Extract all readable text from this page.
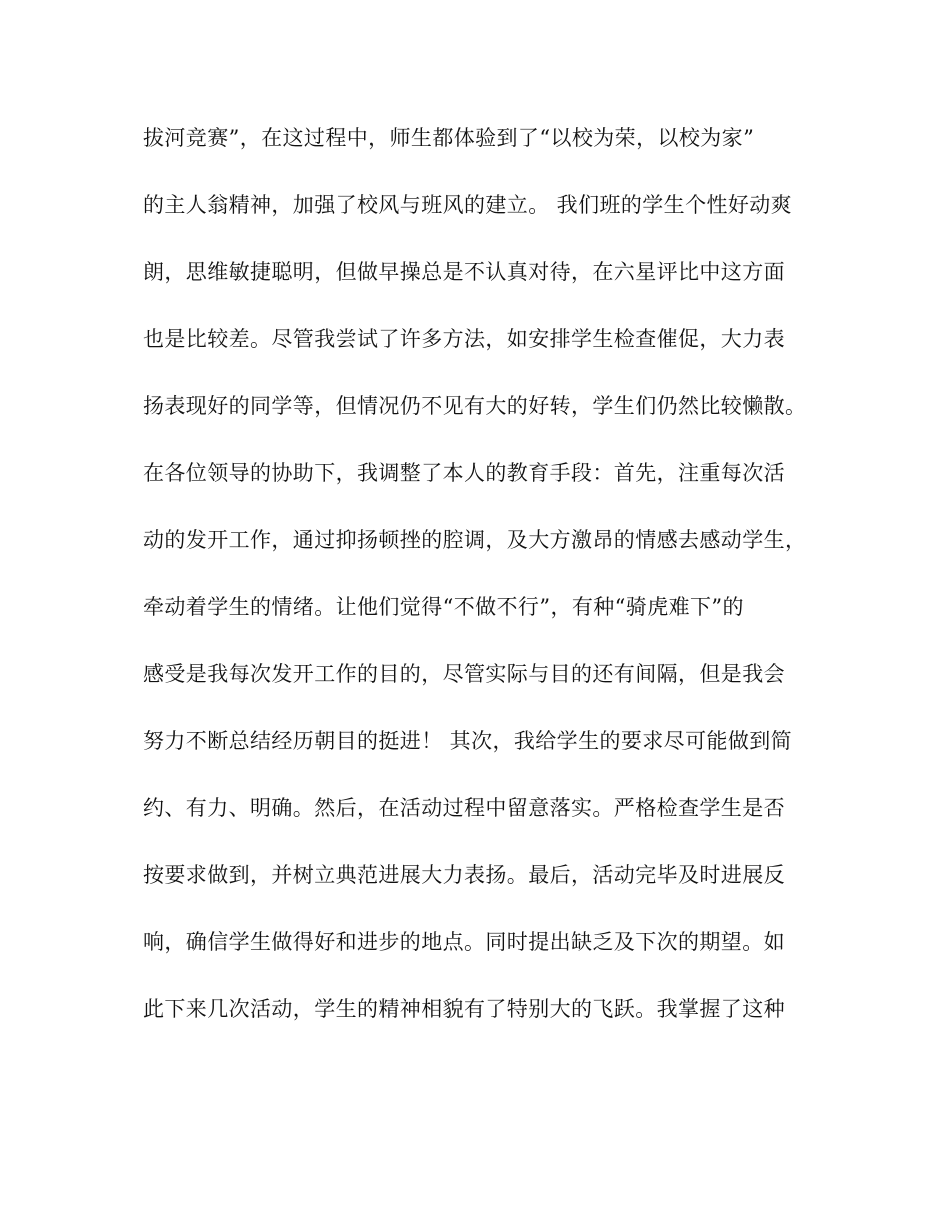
拔河竞赛”，在这过程中，师生都体验到了“以校为荣，以校为家”
的主人翁精神，加强了校风与班风的建立。 我们班的学生个性好动爽
朗，思维敏捷聪明，但做早操总是不认真对待，在六星评比中这方面
也是比较差。尽管我尝试了许多方法，如安排学生检查催促，大力表
扬表现好的同学等，但情况仍不见有大的好转，学生们仍然比较懒散。
在各位领导的协助下，我调整了本人的教育手段：首先，注重每次活
动的发开工作，通过抑扬顿挫的腔调，及大方激昂的情感去感动学生，
牵动着学生的情绪。让他们觉得“不做不行”，有种“骑虎难下”的
感受是我每次发开工作的目的，尽管实际与目的还有间隔，但是我会
努力不断总结经历朝目的挺进！ 其次，我给学生的要求尽可能做到简
约、有力、明确。然后，在活动过程中留意落实。严格检查学生是否
按要求做到，并树立典范进展大力表扬。最后，活动完毕及时进展反
响，确信学生做得好和进步的地点。同时提出缺乏及下次的期望。如
此下来几次活动，学生的精神相貌有了特别大的飞跃。我掌握了这种
